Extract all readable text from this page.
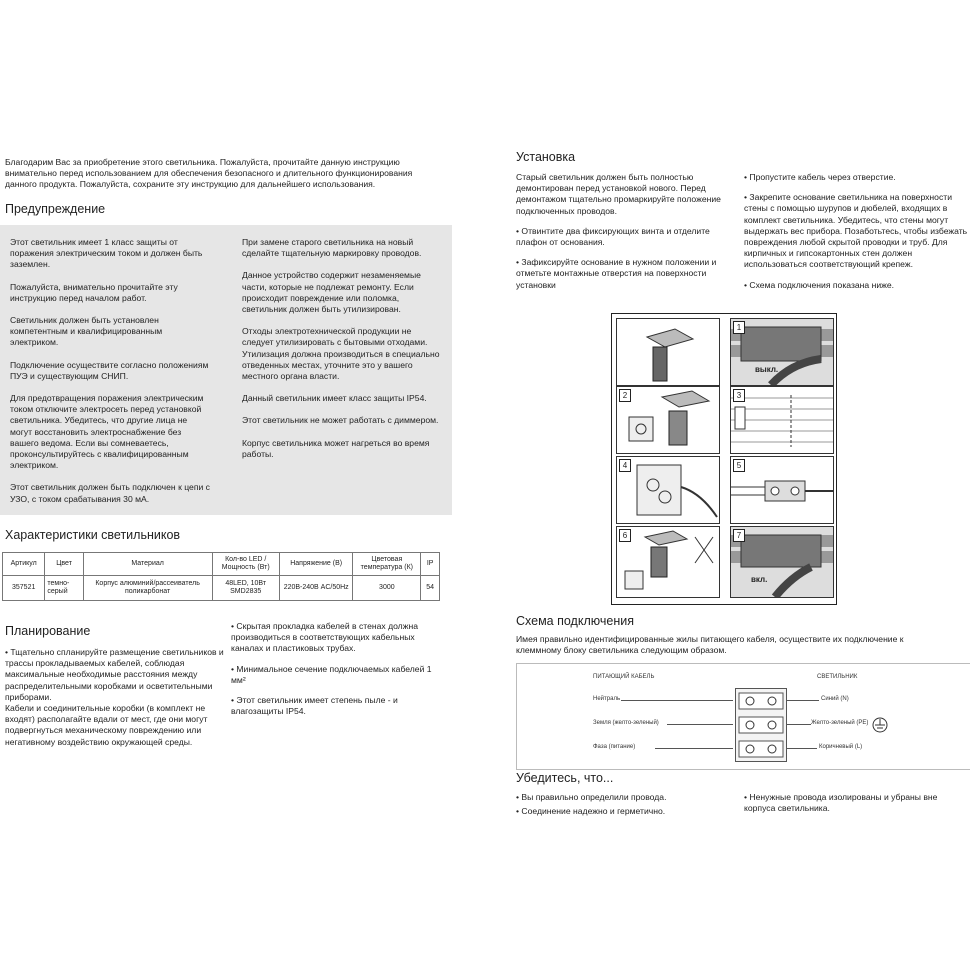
Благодарим Вас за приобретение этого светильника. Пожалуйста, прочитайте данную инструкцию внимательно перед использованием для обеспечения безопасного и длительного функционирования данного продукта. Пожалуйста, сохраните эту инструкцию для дальнейшего использования.

Предупреждение

Этот светильник имеет 1 класс защиты от поражения электрическим током и должен быть заземлен.

Пожалуйста, внимательно прочитайте эту инструкцию перед началом работ.

Светильник должен быть установлен компетентным и квалифицированным электриком.

Подключение осуществите согласно положениям ПУЭ и существующим СНИП.

Для предотвращения поражения электрическим током отключите электросеть перед установкой светильника. Убедитесь, что другие лица не могут восстановить электроснабжение без вашего ведома. Если вы сомневаетесь, проконсультируйтесь с квалифицированным электриком.

Этот светильник должен быть подключен к цепи с УЗО, с током срабатывания 30 мА.

При замене старого светильника на новый сделайте тщательную маркировку проводов.

Данное устройство содержит незаменяемые части, которые не подлежат ремонту. Если происходит повреждение или поломка, светильник должен быть утилизирован.

Отходы электротехнической продукции не следует утилизировать с бытовыми отходами. Утилизация должна производиться в специально отведенных местах, уточните это у вашего местного органа власти.

Данный светильник имеет класс защиты IP54.

Этот светильник не может работать с диммером.

Корпус светильника может нагреться во время работы.

Характеристики светильников
Артикул	Цвет	Материал	Кол-во LED / Мощность (Вт)	Напряжение (В)	Цветовая температура (К)	IP
357521	темно-серый	Корпус алюминий/рассеиватель поликарбонат	48LED, 10Вт SMD2835	220В-240В AC/50Hz	3000	54
Планирование

• Тщательно спланируйте размещение светильников и трассы прокладываемых кабелей, соблюдая максимальные необходимые расстояния между распределительными коробками и осветительными приборами.
Кабели и соединительные коробки (в комплект не входят) располагайте вдали от мест, где они могут подвергнуться механическому повреждению или негативному воздействию окружающей среды.

• Скрытая прокладка кабелей в стенах должна производиться в соответствующих кабельных каналах и пластиковых трубах.

• Минимальное сечение подключаемых кабелей 1 мм²

• Этот светильник имеет степень пыле - и влагозащиты IP54.

Установка

Старый светильник должен быть полностью демонтирован перед установкой нового. Перед демонтажом тщательно промаркируйте положение подключенных проводов.

• Отвинтите два фиксирующих винта и отделите плафон от основания.

• Зафиксируйте основание в нужном положении и отметьте монтажные отверстия на поверхности установки

• Пропустите кабель через отверстие.

• Закрепите основание светильника на поверхности стены с помощью шурупов и дюбелей, входящих в комплект светильника. Убедитесь, что стены могут выдержать вес прибора. Позаботьтесь, чтобы избежать повреждения любой скрытой проводки и труб. Для кирпичных и гипсокартонных стен должен использоваться соответствующий крепеж.

• Схема подключения показана ниже.

1
выкл.
2	3
4	5
6	7
вкл.
Схема подключения

Имея правильно идентифицированные жилы питающего кабеля, осуществите их подключение к клеммному блоку светильника следующим образом.

ПИТАЮЩИЙ КАБЕЛЬ	СВЕТИЛЬНИК
Нейтраль	Синий (N)
Земля (желто-зеленый)	Желто-зеленый (PE)
Фаза (питание)	Коричневый (L)
Убедитесь, что...

• Вы правильно определили провода.

• Соединение надежно и герметично.

• Ненужные провода изолированы и убраны вне корпуса светильника.
